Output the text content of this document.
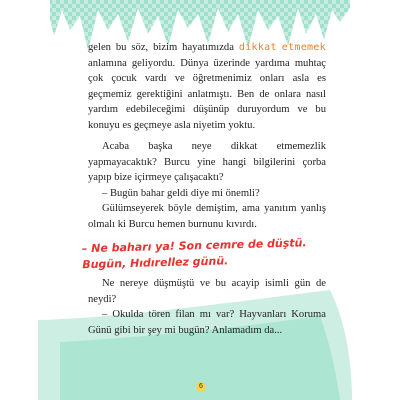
gelen bu söz, bizim hayatımızda dikkat etmemek anlamına geliyordu. Dünya üzerinde yardıma muhtaç çok çocuk vardı ve öğretmenimiz onları asla es geçmemiz gerektiğini anlatmıştı. Ben de onlara nasıl yardım edebileceğimi düşünüp duruyordum ve bu konuyu es geçmeye asla niyetim yoktu.

Acaba başka neye dikkat etmemezlik yapmayacaktık? Burcu yine hangi bilgilerini çorba yapıp bize içirmeye çalışacaktı?

– Bugün bahar geldi diye mi önemli?

Gülümseyerek böyle demiştim, ama yanıtım yanlış olmalı ki Burcu hemen burnunu kıvırdı.

– Ne baharı ya! Son cemre de düştü.
Bugün, Hıdırellez günü.

Ne nereye düşmüştü ve bu acayip isimli gün de neydi?

– Okulda tören filan mı var? Hayvanları Koruma Günü gibi bir şey mi bugün? Anlamadım da...

6
